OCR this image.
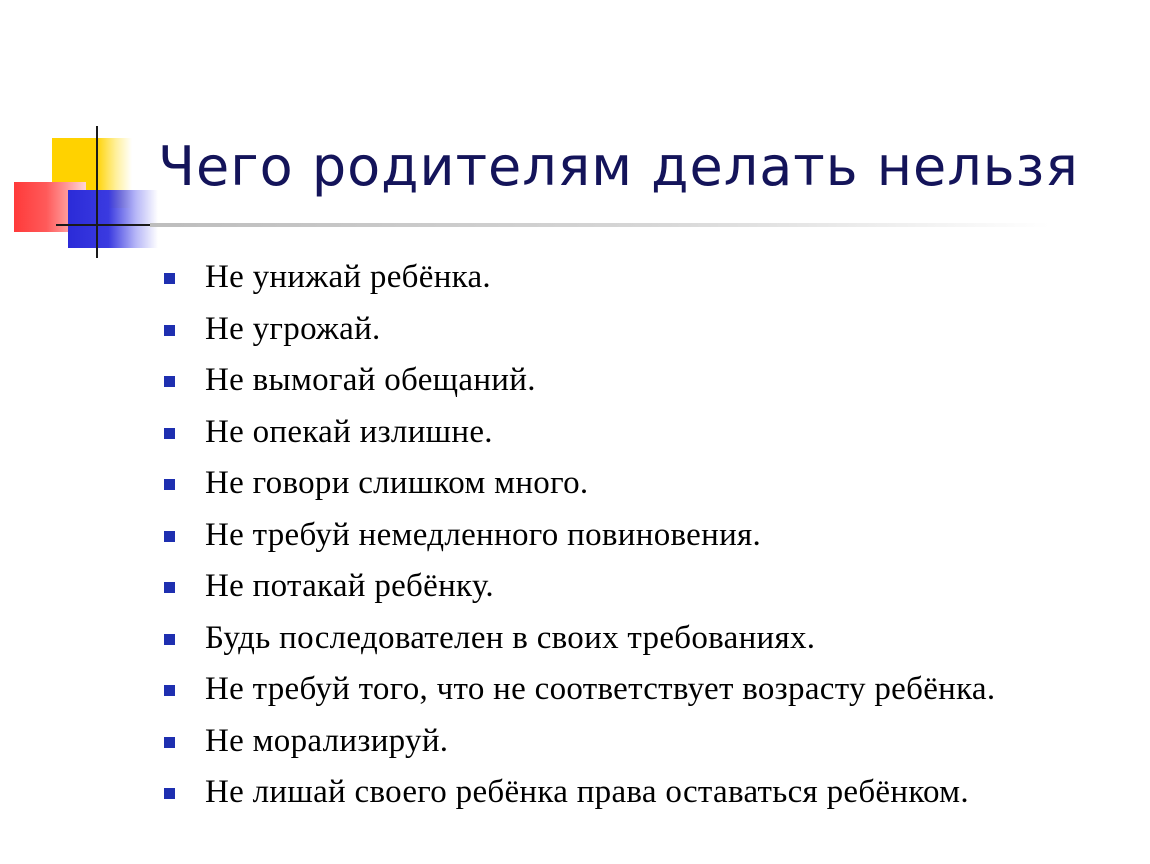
Чего родителям делать нельзя
Не унижай ребёнка.
Не угрожай.
Не вымогай обещаний.
Не опекай излишне.
Не говори слишком много.
Не требуй немедленного повиновения.
Не потакай ребёнку.
Будь последователен в своих требованиях.
Не требуй того, что не соответствует возрасту ребёнка.
Не морализируй.
Не лишай своего ребёнка права оставаться ребёнком.
